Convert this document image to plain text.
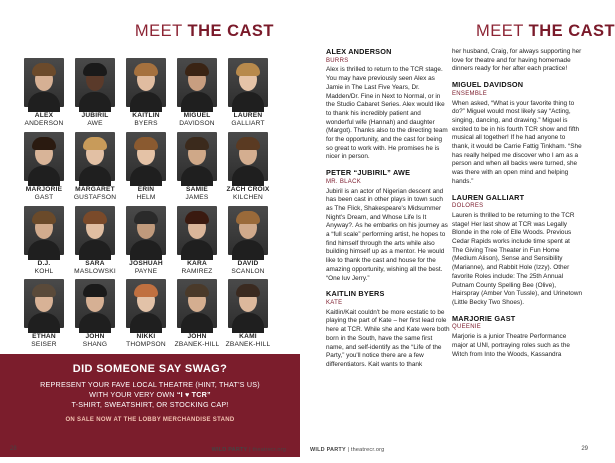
MEET THE CAST
ALEX
ANDERSON
JUBIRIL
AWE
KAITLIN
BYERS
MIGUEL
DAVIDSON
LAUREN
GALLIART
MARJORIE
GAST
MARGARET
GUSTAFSON
ERIN
HELM
SAMIE
JAMES
ZACH CROIX
KILCHEN
D.J.
KOHL
SARA
MASLOWSKI
JOSHUAH
PAYNE
KARA
RAMIREZ
DAVID
SCANLON
ETHAN
SEISER
JOHN
SHANG
NIKKI
THOMPSON
JOHN
ZBANEK-HILL
KAMI
ZBANEK-HILL
DID SOMEONE SAY SWAG?
REPRESENT YOUR FAVE LOCAL THEATRE (HINT, THAT'S US)
WITH YOUR VERY OWN “I ♥ TCR”
T-SHIRT, SWEATSHIRT, OR STOCKING CAP!
ON SALE NOW AT THE LOBBY MERCHANDISE STAND
28	WILD PARTY | theatrecr.org
MEET THE CAST
ALEX ANDERSON
BURRS

Alex is thrilled to return to the TCR stage. You may have previously seen Alex as Jamie in The Last Five Years, Dr. Madden/Dr. Fine in Next to Normal, or in the Studio Cabaret Series. Alex would like to thank his incredibly patient and wonderful wife (Hannah) and daughter (Margot). Thanks also to the directing team for the opportunity, and the cast for being so great to work with. He promises he is nicer in person.

PETER “JUBIRIL” AWE
MR. BLACK

Jubiril is an actor of Nigerian descent and has been cast in other plays in town such as The Flick, Shakespeare's Midsummer Night's Dream, and Whose Life Is It Anyway?. As he embarks on his journey as a “full scale” performing artist, he hopes to find himself through the arts while also building himself up as a mentor. He would like to thank the cast and house for the amazing opportunity, wishing all the best. “One luv Jerry.”

KAITLIN BYERS
KATE

Kaitlin/Kait couldn't be more ecstatic to be playing the part of Kate – her first lead role here at TCR. While she and Kate were both born in the South, have the same first name, and self-identify as the “Life of the Party,” you'll notice there are a few differentiators. Kait wants to thank

her husband, Craig, for always supporting her love for theatre and for having homemade dinners ready for her after each practice!

MIGUEL DAVIDSON
ENSEMBLE

When asked, “What is your favorite thing to do?” Miguel would most likely say “Acting, singing, dancing, and drawing.” Miguel is excited to be in his fourth TCR show and fifth musical all together! If he had anyone to thank, it would be Carrie Fattig Tinkham. “She has really helped me discover who I am as a person and when all backs were turned, she was there with an open mind and helping hands.”

LAUREN GALLIART
DOLORES

Lauren is thrilled to be returning to the TCR stage! Her last show at TCR was Legally Blonde in the role of Elle Woods. Previous Cedar Rapids works include time spent at The Giving Tree Theater in Fun Home (Medium Alison), Sense and Sensibility (Marianne), and Rabbit Hole (Izzy). Other favorite Roles include: The 25th Annual Putnam County Spelling Bee (Olive), Hairspray (Amber Von Tussle), and Urinetown (Little Becky Two Shoes).

MARJORIE GAST
QUEENIE

Marjorie is a junior Theatre Performance major at UNI, portraying roles such as the Witch from Into the Woods, Kassandra

WILD PARTY | theatrecr.org	29
